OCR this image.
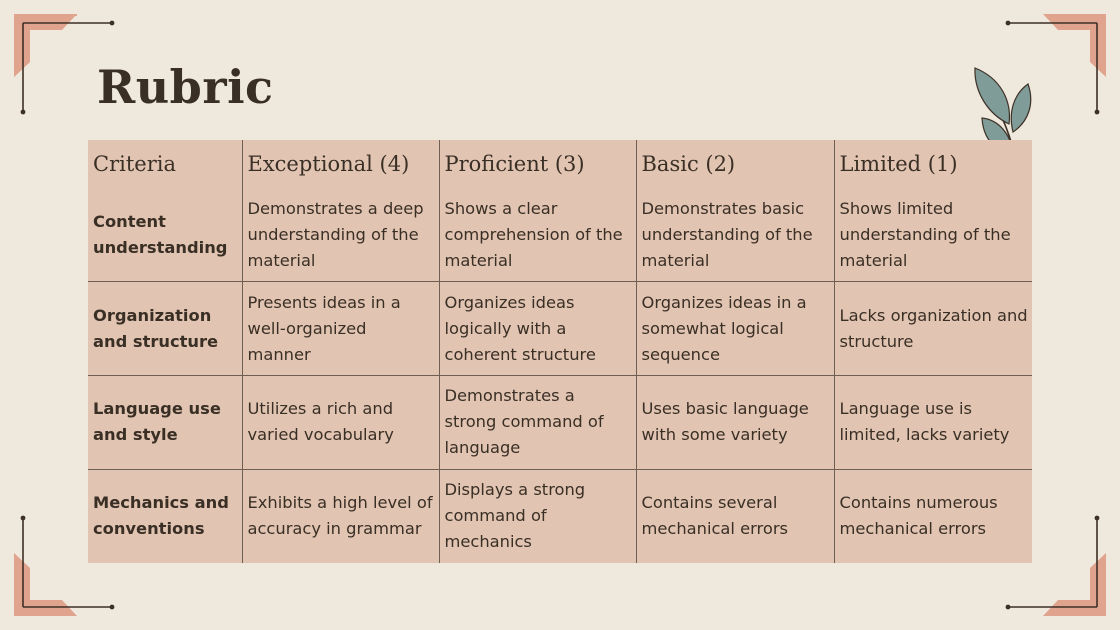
Rubric
Criteria	Exceptional (4)	Proficient (3)	Basic (2)	Limited (1)
Content understanding	Demonstrates a deep understanding of the material	Shows a clear comprehension of the material	Demonstrates basic understanding of the material	Shows limited understanding of the material
Organization and structure	Presents ideas in a well-organized manner	Organizes ideas logically with a coherent structure	Organizes ideas in a somewhat logical sequence	Lacks organization and structure
Language use and style	Utilizes a rich and varied vocabulary	Demonstrates a strong command of language	Uses basic language with some variety	Language use is limited, lacks variety
Mechanics and conventions	Exhibits a high level of accuracy in grammar	Displays a strong command of mechanics	Contains several mechanical errors	Contains numerous mechanical errors
